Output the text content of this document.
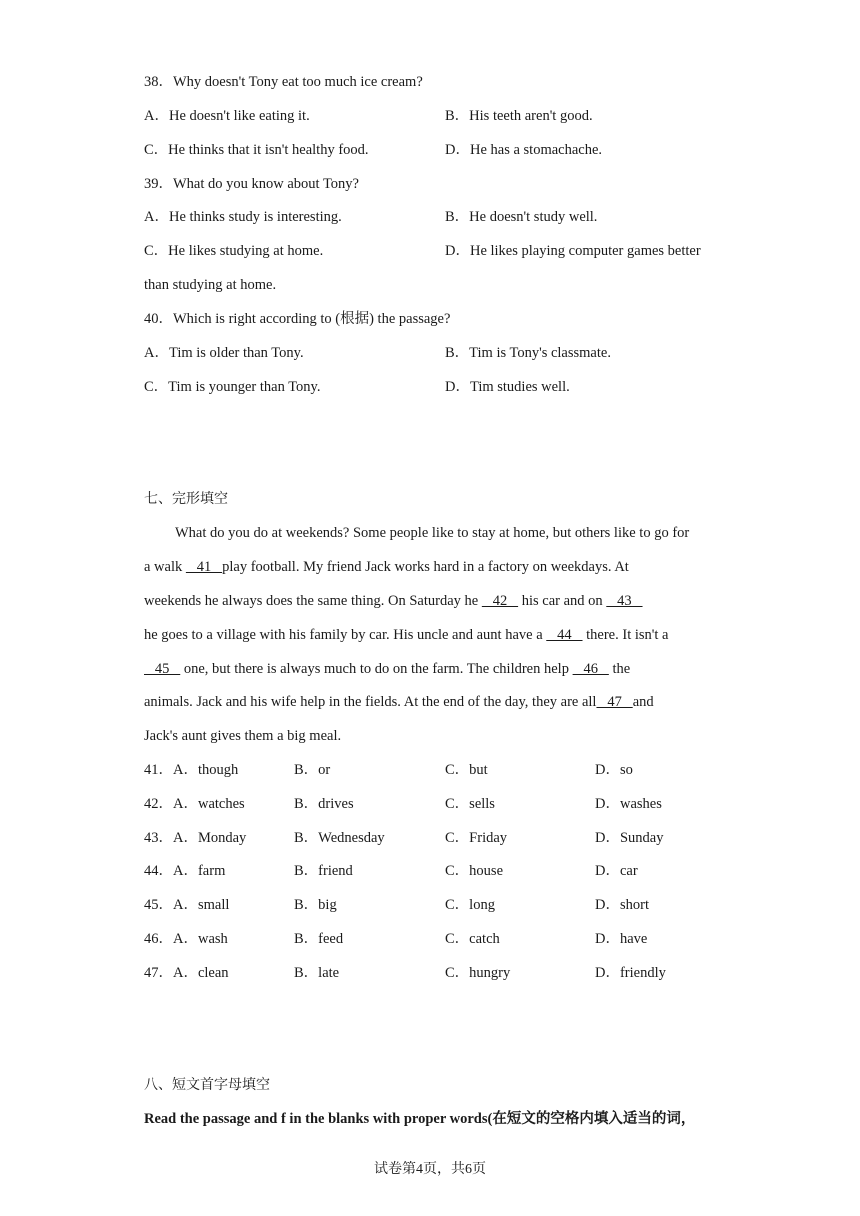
38．Why doesn't Tony eat too much ice cream?
A．He doesn't like eating it.	B．His teeth aren't good.
C．He thinks that it isn't healthy food.	D．He has a stomachache.
39．What do you know about Tony?
A．He thinks study is interesting.	B．He doesn't study well.
C．He likes studying at home.	D．He likes playing computer games better
than studying at home.
40．Which is right according to (根据) the passage?
A．Tim is older than Tony.	B．Tim is Tony's classmate.
C．Tim is younger than Tony.	D．Tim studies well.
七、完形填空
What do you do at weekends? Some people like to stay at home, but others like to go for
a walk    41   play football. My friend Jack works hard in a factory on weekdays. At
weekends he always does the same thing. On Saturday he    42    his car and on    43
he goes to a village with his family by car. His uncle and aunt have a    44    there. It isn't a
45    one, but there is always much to do on the farm. The children help    46    the
animals. Jack and his wife help in the fields. At the end of the day, they are all   47   and
Jack's aunt gives them a big meal.
41．A．though	B．or	C．but	D．so
42．A．watches	B．drives	C．sells	D．washes
43．A．Monday	B．Wednesday	C．Friday	D．Sunday
44．A．farm	B．friend	C．house	D．car
45．A．small	B．big	C．long	D．short
46．A．wash	B．feed	C．catch	D．have
47．A．clean	B．late	C．hungry	D．friendly
八、短文首字母填空
Read the passage and f in the blanks with proper words(在短文的空格内填入适当的词，
试卷第4页，共6页
